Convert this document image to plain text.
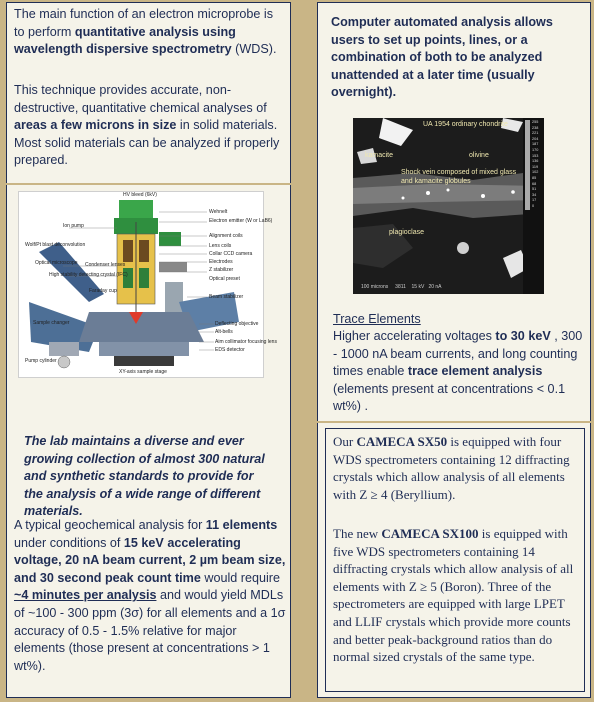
The main function of an electron microprobe is to perform quantitative analysis using wavelength dispersive spectrometry (WDS).
This technique provides accurate, non-destructive, quantitative chemical analyses of areas a few microns in size in solid materials. Most solid materials can be analyzed if properly prepared.
HV bleed (6kV)
Ion pump
Wolf/Pt blast deconvolution
Optical microscope Condenser lenses
High stability detecting crystal (IFC)
Faraday cup
Sample changer
Pump cylinder
Wehnelt
Electron emitter (W or LaB6)
Alignment coils
Lens coils
Collar CCD camera
Electrodes
Z stabilizer
Optical preset
Beam stabilizer
Deflecting objective
Alt-bells
Aim collimator focusing lens
EDS detector
XY-axis sample stage
The lab maintains a diverse and ever growing collection of almost 300 natural and synthetic standards to provide for the analysis of a wide range of different materials.
A typical geochemical analysis for 11 elements under conditions of 15 keV accelerating voltage, 20 nA beam current, 2 µm beam size, and 30 second peak count time would require ~4 minutes per analysis and would yield MDLs of ~100 - 300 ppm (3σ) for all elements and a 1σ accuracy of 0.5 - 1.5% relative for major elements (those present at concentrations > 1 wt%).
Computer automated analysis allows users to set up points, lines, or a combination of both to be analyzed unattended at a later time (usually overnight).
UA 1954 ordinary chondrite
kamacite	olivine
Shock vein composed of mixed glass and kamacite globules
plagioclase
255
238
221
204
187
170
153
136
119
102
85
68
51
34
17
0
100 microns     3811    15 kV   20 nA
Trace Elements
Higher accelerating voltages to 30 keV , 300 - 1000 nA beam currents, and long counting times enable trace element analysis (elements present at concentrations < 0.1 wt%) .
Our CAMECA SX50 is equipped with four WDS spectrometers containing 12 diffracting crystals which allow analysis of all elements with Z ≥ 4 (Beryllium).
The new CAMECA SX100 is equipped with five WDS spectrometers containing 14 diffracting crystals which allow analysis of all elements with Z ≥ 5 (Boron). Three of the spectrometers are equipped with large LPET and LLIF crystals which provide more counts and better peak-background ratios than do normal sized crystals of the same type.
